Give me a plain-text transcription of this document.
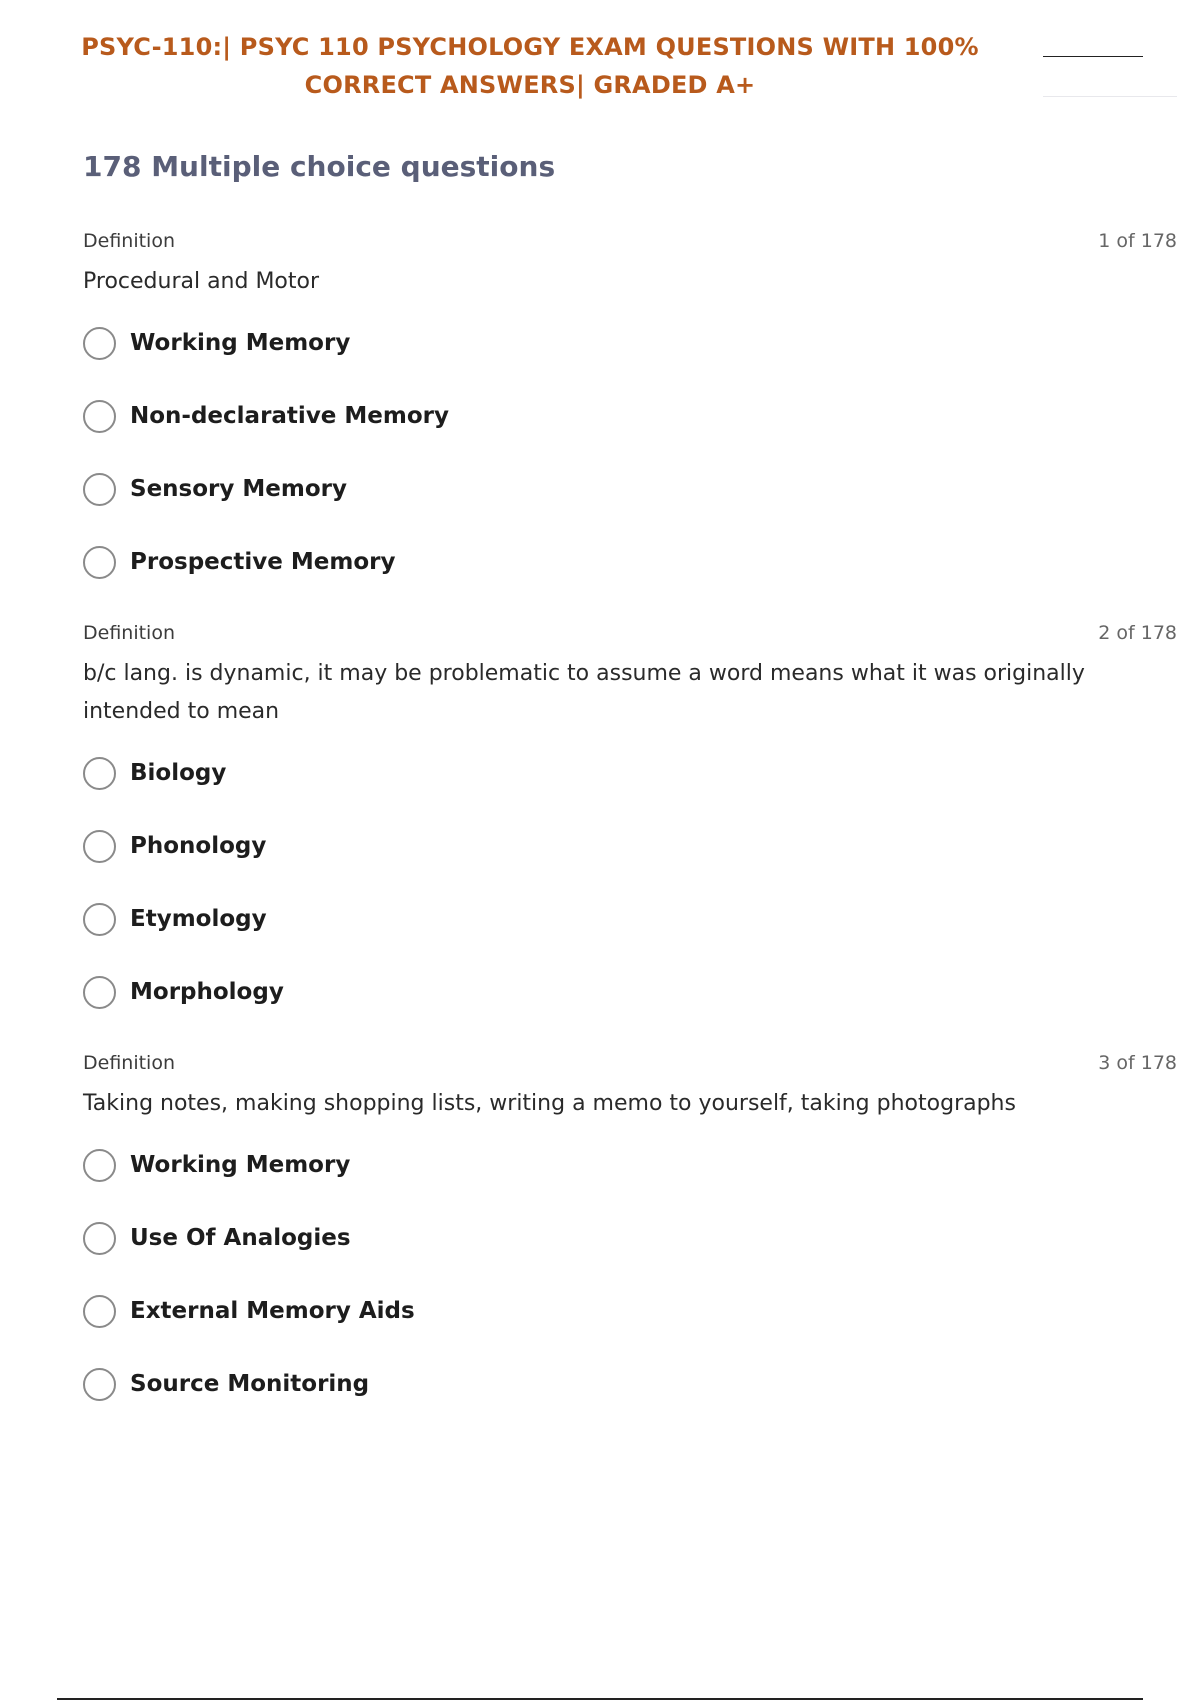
PSYC-110:| PSYC 110 PSYCHOLOGY EXAM QUESTIONS WITH 100%
CORRECT ANSWERS| GRADED A+
178 Multiple choice questions
Definition	1 of 178
Procedural and Motor
Working Memory
Non-declarative Memory
Sensory Memory
Prospective Memory
Definition	2 of 178
b/c lang. is dynamic, it may be problematic to assume a word means what it was originally intended to mean
Biology
Phonology
Etymology
Morphology
Definition	3 of 178
Taking notes, making shopping lists, writing a memo to yourself, taking photographs
Working Memory
Use Of Analogies
External Memory Aids
Source Monitoring
